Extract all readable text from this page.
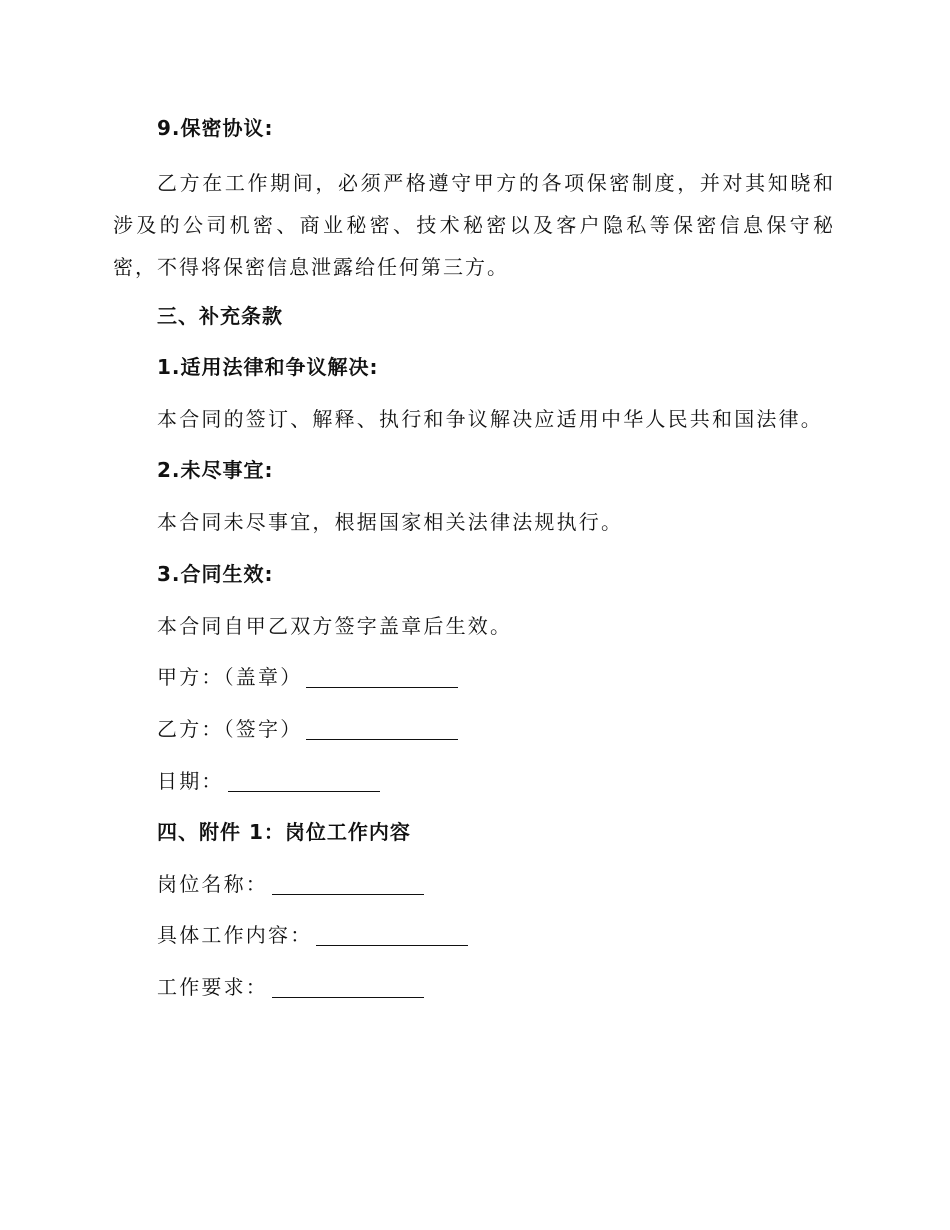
9.保密协议:

乙方在工作期间，必须严格遵守甲方的各项保密制度，并对其知晓和涉及的公司机密、商业秘密、技术秘密以及客户隐私等保密信息保守秘密，不得将保密信息泄露给任何第三方。

三、补充条款
1.适用法律和争议解决:
本合同的签订、解释、执行和争议解决应适用中华人民共和国法律。
2.未尽事宜:
本合同未尽事宜，根据国家相关法律法规执行。
3.合同生效:
本合同自甲乙双方签字盖章后生效。
甲方：（盖章）
乙方：（签字）
日期：
四、附件 1：岗位工作内容
岗位名称：
具体工作内容：
工作要求：
